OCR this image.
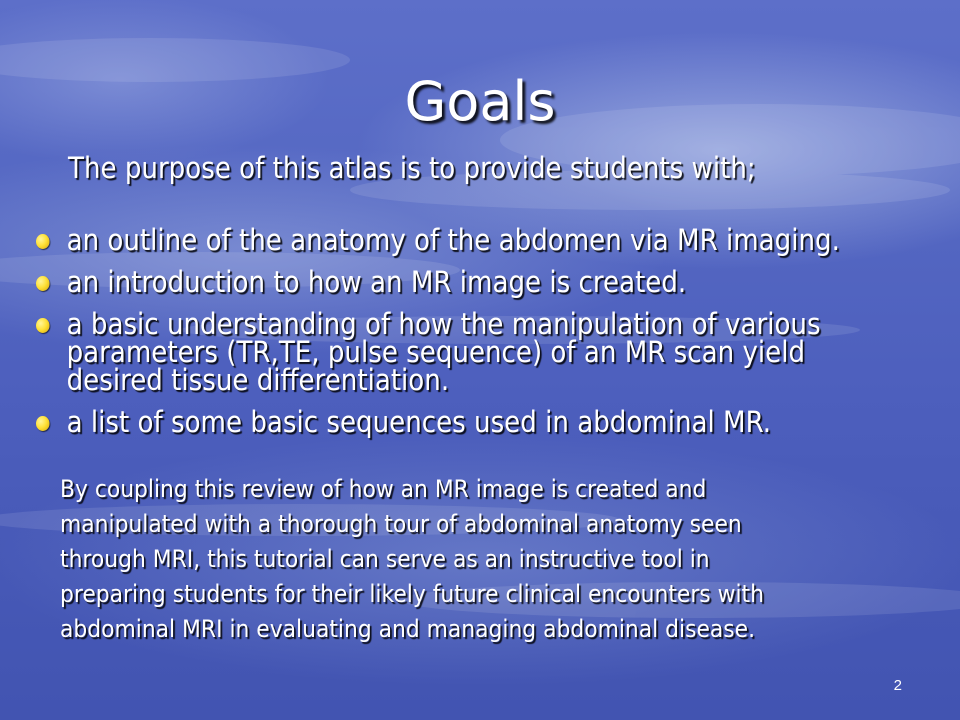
Goals
The purpose of this atlas is to provide students with;
an outline of the anatomy of the abdomen via MR imaging.
an introduction to how an MR image is created.
a basic understanding of how the manipulation of various
parameters (TR,TE, pulse sequence) of an MR scan yield
desired tissue differentiation.
a list of some basic sequences used in abdominal MR.
By coupling this review of how an MR image is created and
manipulated with a thorough tour of abdominal anatomy seen
through MRI, this tutorial can serve as an instructive tool in
preparing students for their likely future clinical encounters with
abdominal MRI in evaluating and managing abdominal disease.
2
